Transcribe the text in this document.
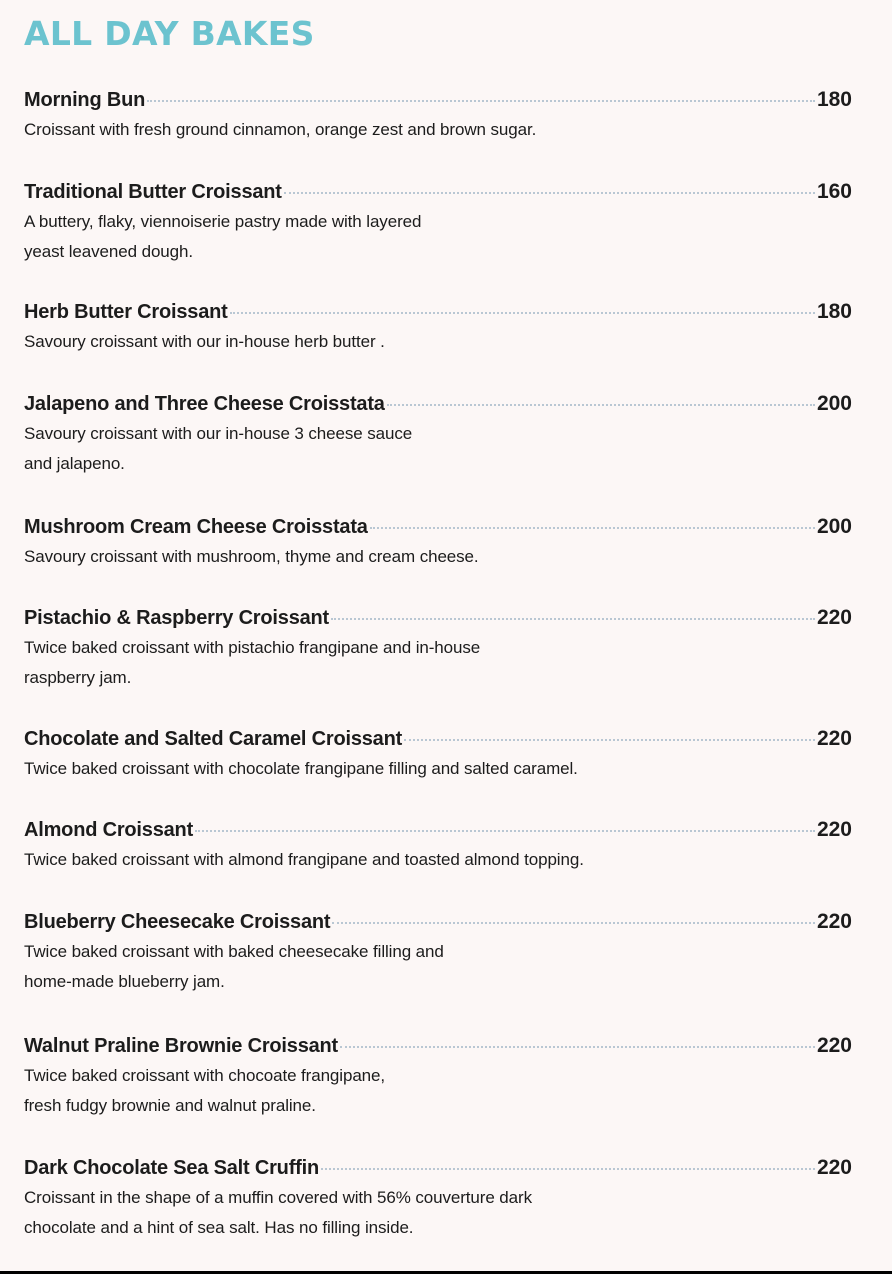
ALL DAY BAKES
Morning Bun	180
Croissant with fresh ground cinnamon, orange zest and brown sugar.
Traditional Butter Croissant	160
A buttery, flaky, viennoiserie pastry made with layered
yeast leavened dough.
Herb Butter Croissant	180
Savoury croissant with our in-house herb butter .
Jalapeno and Three Cheese Croisstata	200
Savoury croissant with our in-house 3 cheese sauce
and jalapeno.
Mushroom Cream Cheese Croisstata	200
Savoury croissant with mushroom, thyme and cream cheese.
Pistachio & Raspberry Croissant	220
Twice baked croissant with pistachio frangipane and in-house
raspberry jam.
Chocolate and Salted Caramel Croissant	220
Twice baked croissant with chocolate frangipane filling and salted caramel.
Almond Croissant	220
Twice baked croissant with almond frangipane and toasted almond topping.
Blueberry Cheesecake Croissant	220
Twice baked croissant with baked cheesecake filling and
home-made blueberry jam.
Walnut Praline Brownie Croissant	220
Twice baked croissant with chocoate frangipane,
fresh fudgy brownie and walnut praline.
Dark Chocolate Sea Salt Cruffin	220
Croissant in the shape of a muffin covered with 56% couverture dark
chocolate and a hint of sea salt. Has no filling inside.
